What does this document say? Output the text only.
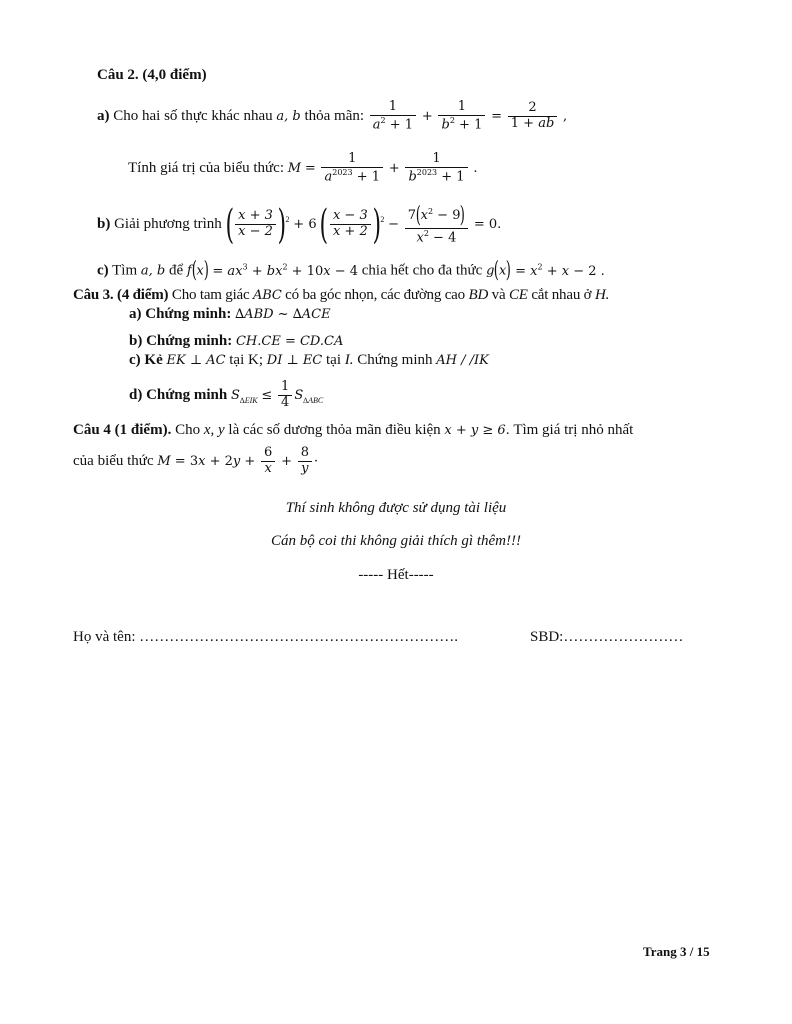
Câu 2. (4,0 điểm)
a) Cho hai số thực khác nhau a, b thỏa mãn: $\frac{1}{a^2 + 1} + \frac{1}{b^2 + 1} = \frac{2}{1 + ab}$ ,
Tính giá trị của biểu thức: $M = \frac{1}{a^{2023} + 1} + \frac{1}{b^{2023} + 1}$ .
b) Giải phương trình ( $\frac{x + 3}{x - 2} )^2 + 6$ ( $\frac{x - 3}{x + 2} )^2 - \frac{7(x^2 - 9)}{x^2 - 4} = 0$.
c) Tìm a, b để $f(x) = ax^3 + bx^2 + 10x - 4$ chia hết cho đa thức $g(x) = x^2 + x - 2$ .
Câu 3. (4 điểm) Cho tam giác ABC có ba góc nhọn, các đường cao BD và CE cắt nhau ở H.
a) Chứng minh: ∆ABD ~ ∆ACE
b) Chứng minh: CH.CE = CD.CA
c) Kẻ EK ⊥ AC tại K; DI ⊥ EC tại I. Chứng minh AH / /IK
d) Chứng minh $S_{\Delta EIK} \le \frac{1}{4} S_{\Delta ABC}$
Câu 4 (1 điểm). Cho x, y là các số dương thỏa mãn điều kiện x + y ≥ 6. Tìm giá trị nhỏ nhất
của biểu thức $M = 3x + 2y + \frac{6}{x} + \frac{8}{y}$ ·
Thí sinh không được sử dụng tài liệu
Cán bộ coi thi không giải thích gì thêm!!!
----- Hết-----
Họ và tên: ……………………………………………………….	SBD:……………………
Trang 3 / 15
